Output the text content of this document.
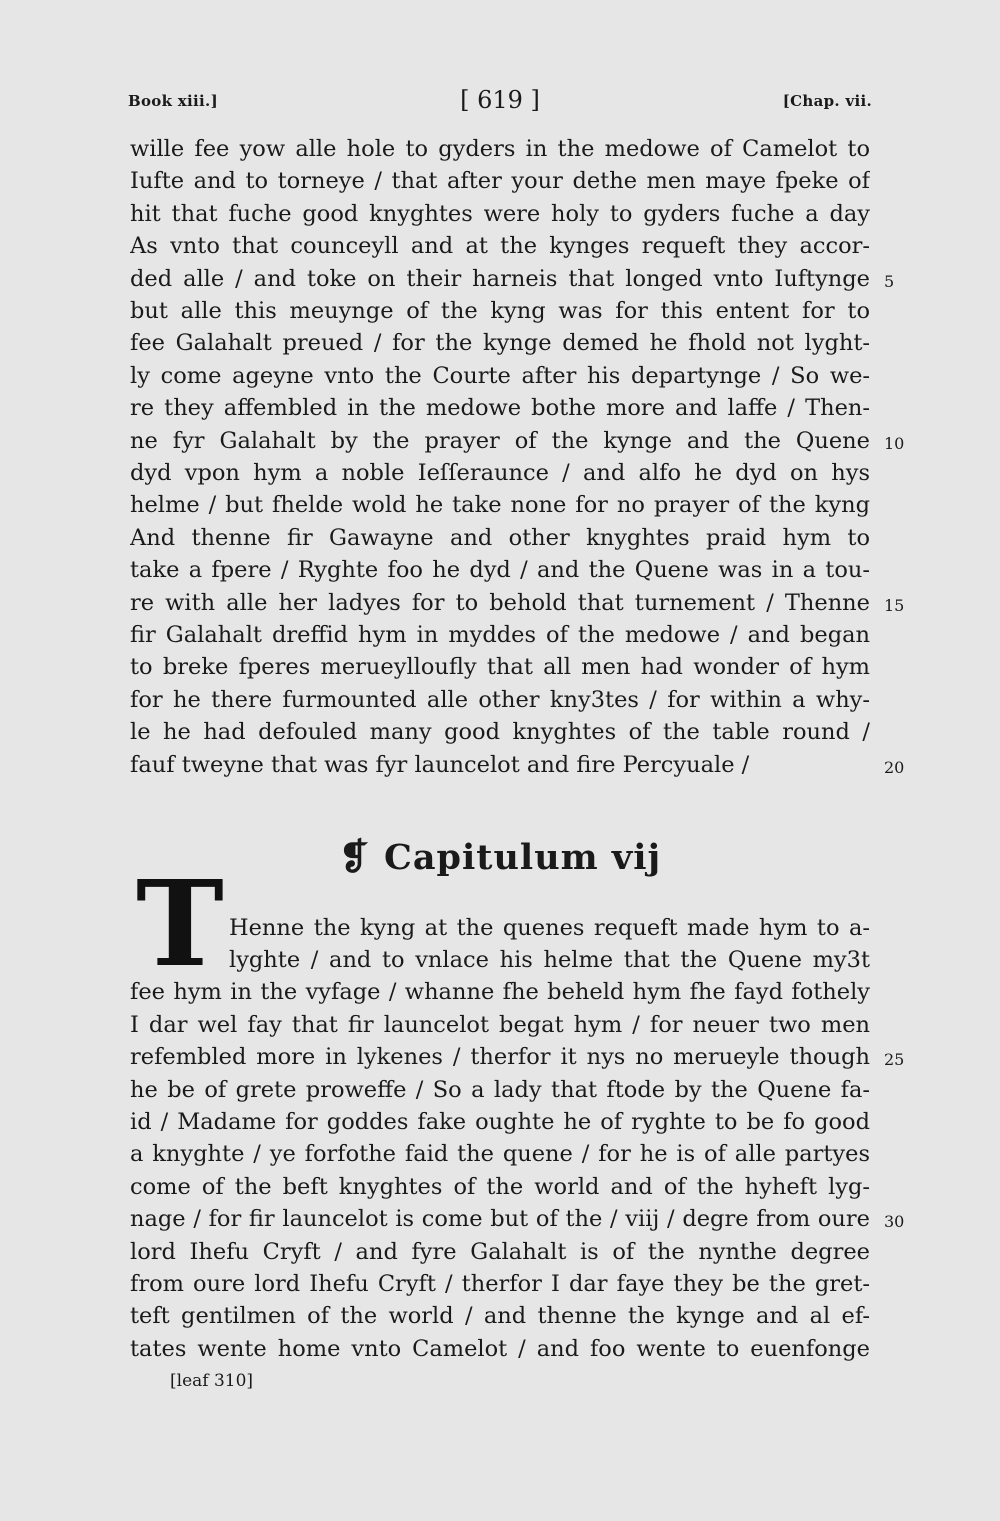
Book xiii.]	[ 619 ]	[Chap. vii.
wille fee yow alle hole to gyders in the medowe of Camelot to
Iufte and to torneye / that after your dethe men maye fpeke of
hit that fuche good knyghtes were holy to gyders fuche a day
As vnto that counceyll and at the kynges requeft they accor-
ded alle / and toke on their harneis that longed vnto Iuftynge
but alle this meuynge of the kyng was for this entent for to
fee Galahalt preued / for the kynge demed he fhold not lyght-
ly come ageyne vnto the Courte after his departynge / So we-
re they affembled in the medowe bothe more and laffe / Then-
ne fyr Galahalt by the prayer of the kynge and the Quene
dyd vpon hym a noble Ieſſeraunce / and alfo he dyd on hys
helme / but fhelde wold he take none for no prayer of the kyng
And thenne fir Gawayne and other knyghtes praid hym to
take a fpere / Ryghte foo he dyd / and the Quene was in a tou-
re with alle her ladyes for to behold that turnement / Thenne
fir Galahalt dreffid hym in myddes of the medowe / and began
to breke fperes merueylloufly that all men had wonder of hym
for he there furmounted alle other kny3tes / for within a why-
le he had defouled many good knyghtes of the table round /
fauf tweyne that was fyr launcelot and fire Percyuale /
5
10
15
20
❡ Capitulum vij
T Henne the kyng at the quenes requeft made hym to a-
lyghte / and to vnlace his helme that the Quene my3t
fee hym in the vyfage / whanne fhe beheld hym fhe fayd fothely
I dar wel fay that fir launcelot begat hym / for neuer two men
refembled more in lykenes / therfor it nys no merueyle though
he be of grete proweffe / So a lady that ftode by the Quene fa-
id / Madame for goddes fake oughte he of ryghte to be fo good
a knyghte / ye forfothe faid the quene / for he is of alle partyes
come of the beft knyghtes of the world and of the hyheft lyg-
nage / for fir launcelot is come but of the / viij / degre from oure
lord Ihefu Cryft / and fyre Galahalt is of the nynthe degree
from oure lord Ihefu Cryft / therfor I dar faye they be the gret-
teft gentilmen of the world / and thenne the kynge and al ef-
tates wente home vnto Camelot / and foo wente to euenfonge
25
30
[leaf 310]
